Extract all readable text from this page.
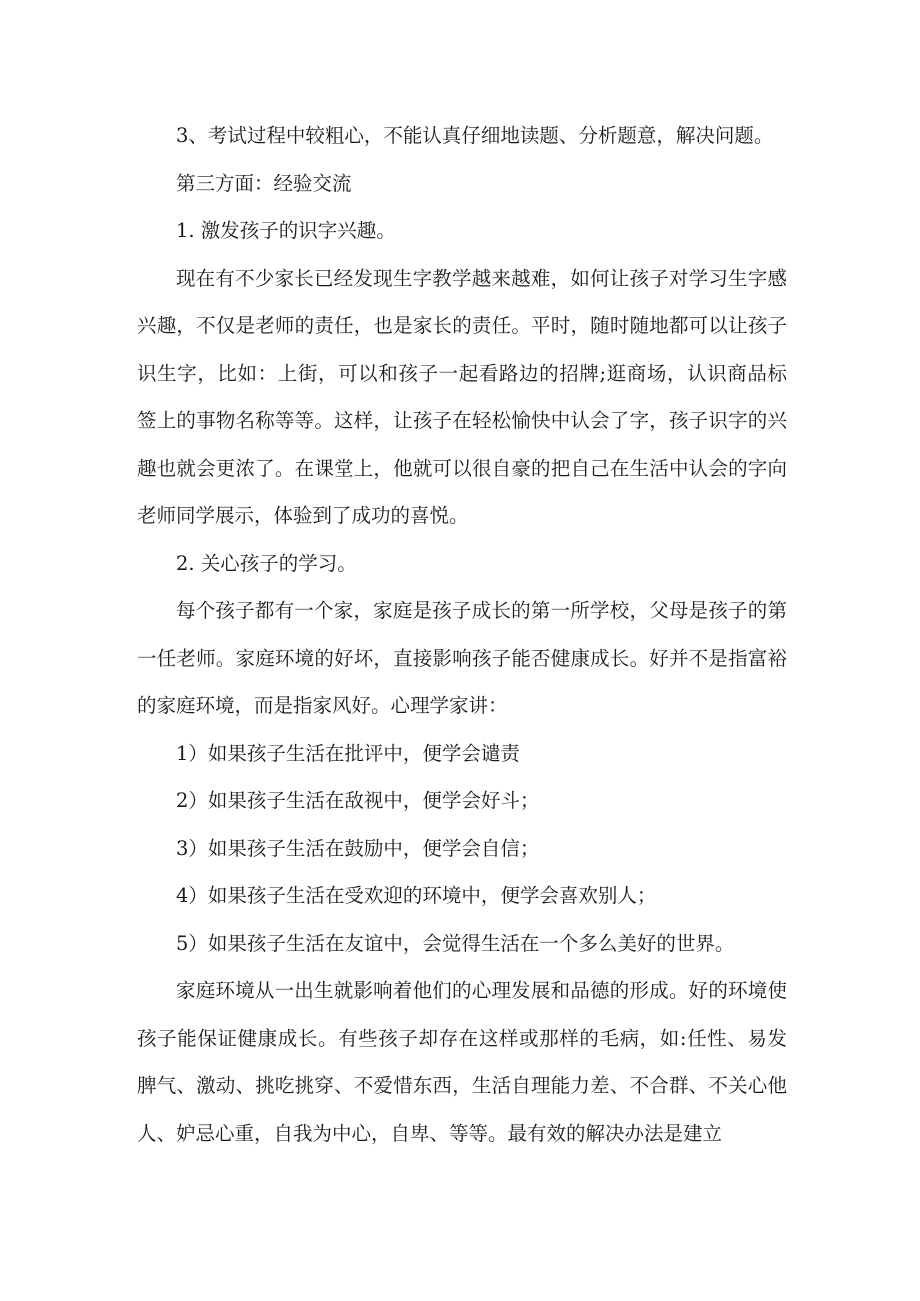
3、考试过程中较粗心，不能认真仔细地读题、分析题意，解决问题。

第三方面：经验交流

1. 激发孩子的识字兴趣。

现在有不少家长已经发现生字教学越来越难，如何让孩子对学习生字感兴趣，不仅是老师的责任，也是家长的责任。平时，随时随地都可以让孩子识生字，比如：上街，可以和孩子一起看路边的招牌;逛商场，认识商品标签上的事物名称等等。这样，让孩子在轻松愉快中认会了字，孩子识字的兴趣也就会更浓了。在课堂上，他就可以很自豪的把自己在生活中认会的字向老师同学展示，体验到了成功的喜悦。

2. 关心孩子的学习。

每个孩子都有一个家，家庭是孩子成长的第一所学校，父母是孩子的第一任老师。家庭环境的好坏，直接影响孩子能否健康成长。好并不是指富裕的家庭环境，而是指家风好。心理学家讲：

1）如果孩子生活在批评中，便学会谴责

2）如果孩子生活在敌视中，便学会好斗；

3）如果孩子生活在鼓励中，便学会自信；

4）如果孩子生活在受欢迎的环境中，便学会喜欢别人；

5）如果孩子生活在友谊中，会觉得生活在一个多么美好的世界。

家庭环境从一出生就影响着他们的心理发展和品德的形成。好的环境使孩子能保证健康成长。有些孩子却存在这样或那样的毛病，如:任性、易发脾气、激动、挑吃挑穿、不爱惜东西，生活自理能力差、不合群、不关心他人、妒忌心重，自我为中心，自卑、等等。最有效的解决办法是建立
